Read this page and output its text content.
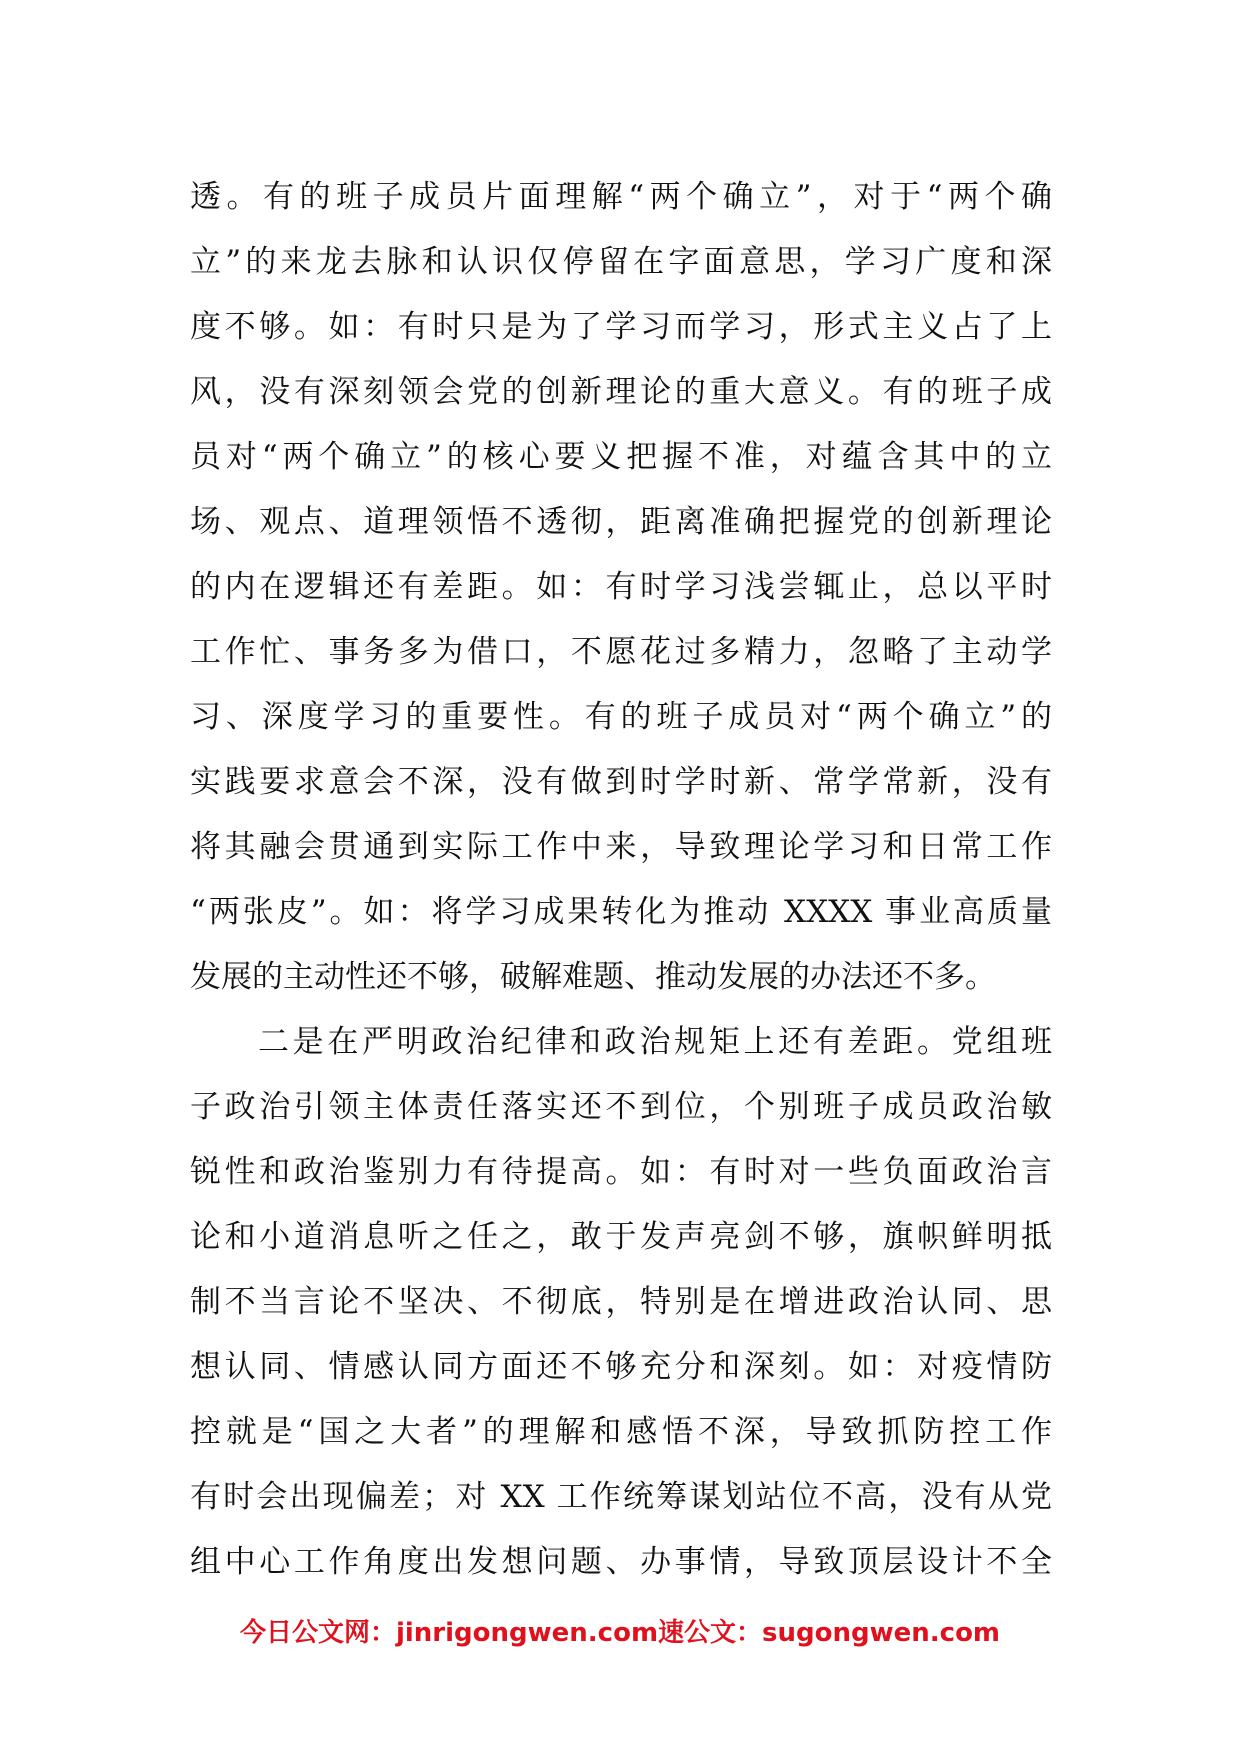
透。有的班子成员片面理解“两个确立”，对于“两个确
立”的来龙去脉和认识仅停留在字面意思，学习广度和深
度不够。如：有时只是为了学习而学习，形式主义占了上
风，没有深刻领会党的创新理论的重大意义。有的班子成
员对“两个确立”的核心要义把握不准，对蕴含其中的立
场、观点、道理领悟不透彻，距离准确把握党的创新理论
的内在逻辑还有差距。如：有时学习浅尝辄止，总以平时
工作忙、事务多为借口，不愿花过多精力，忽略了主动学
习、深度学习的重要性。有的班子成员对“两个确立”的
实践要求意会不深，没有做到时学时新、常学常新，没有
将其融会贯通到实际工作中来，导致理论学习和日常工作
“两张皮”。如：将学习成果转化为推动 XXXX 事业高质量
发展的主动性还不够，破解难题、推动发展的办法还不多。
二是在严明政治纪律和政治规矩上还有差距。党组班
子政治引领主体责任落实还不到位，个别班子成员政治敏
锐性和政治鉴别力有待提高。如：有时对一些负面政治言
论和小道消息听之任之，敢于发声亮剑不够，旗帜鲜明抵
制不当言论不坚决、不彻底，特别是在增进政治认同、思
想认同、情感认同方面还不够充分和深刻。如：对疫情防
控就是“国之大者”的理解和感悟不深，导致抓防控工作
有时会出现偏差；对 XX 工作统筹谋划站位不高，没有从党
组中心工作角度出发想问题、办事情，导致顶层设计不全
今日公文网：jinrigongwen.com速公文：sugongwen.com
